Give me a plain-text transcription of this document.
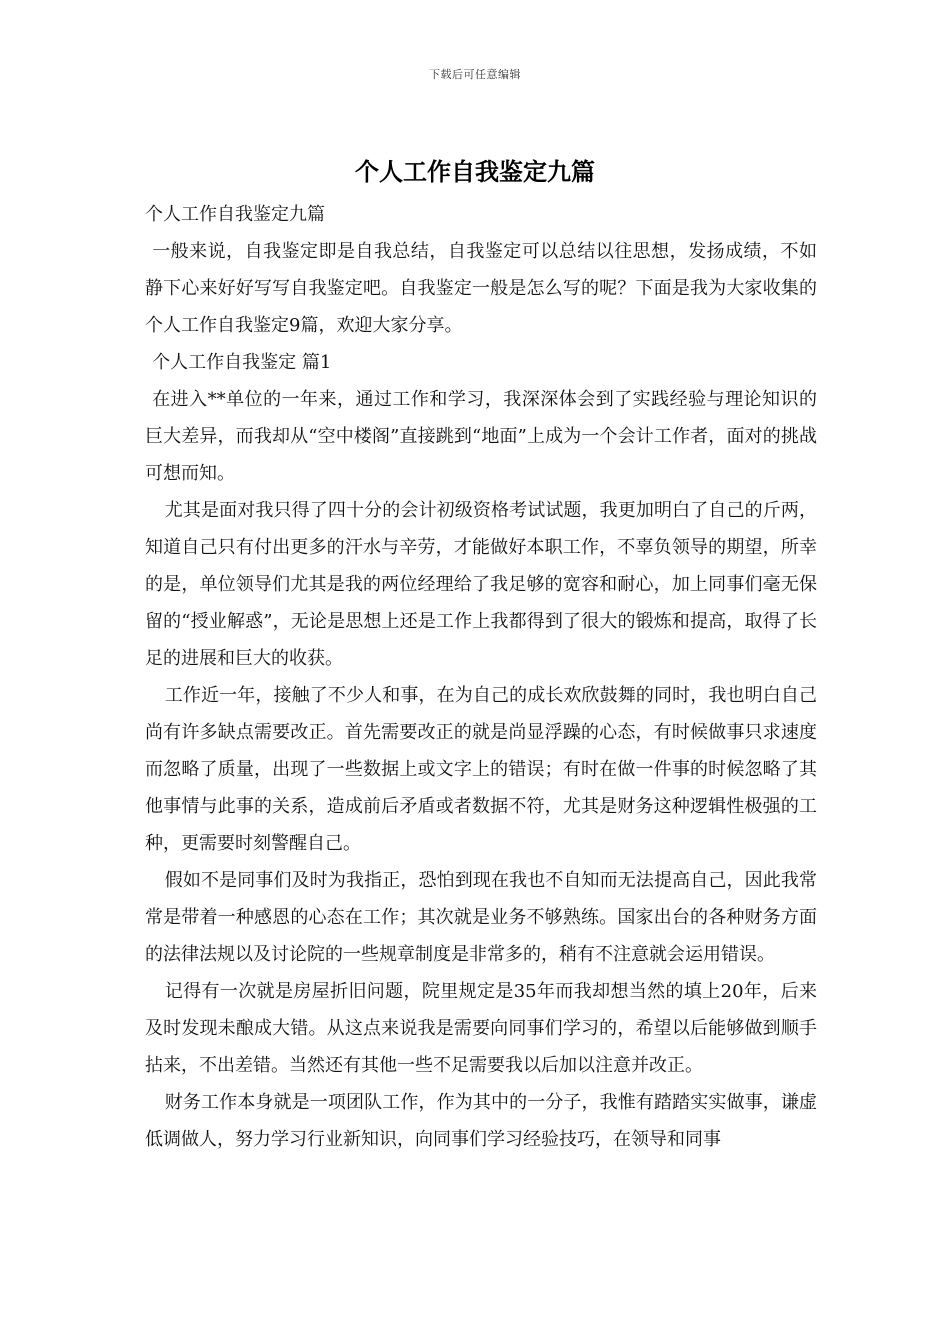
下载后可任意编辑
个人工作自我鉴定九篇

个人工作自我鉴定九篇

一般来说，自我鉴定即是自我总结，自我鉴定可以总结以往思想，发扬成绩，不如静下心来好好写写自我鉴定吧。自我鉴定一般是怎么写的呢？下面是我为大家收集的个人工作自我鉴定9篇，欢迎大家分享。

个人工作自我鉴定 篇1

在进入**单位的一年来，通过工作和学习，我深深体会到了实践经验与理论知识的巨大差异，而我却从“空中楼阁”直接跳到“地面”上成为一个会计工作者，面对的挑战可想而知。

尤其是面对我只得了四十分的会计初级资格考试试题，我更加明白了自己的斤两，知道自己只有付出更多的汗水与辛劳，才能做好本职工作，不辜负领导的期望，所幸的是，单位领导们尤其是我的两位经理给了我足够的宽容和耐心，加上同事们毫无保留的“授业解惑”，无论是思想上还是工作上我都得到了很大的锻炼和提高，取得了长足的进展和巨大的收获。

工作近一年，接触了不少人和事，在为自己的成长欢欣鼓舞的同时，我也明白自己尚有许多缺点需要改正。首先需要改正的就是尚显浮躁的心态，有时候做事只求速度而忽略了质量，出现了一些数据上或文字上的错误；有时在做一件事的时候忽略了其他事情与此事的关系，造成前后矛盾或者数据不符，尤其是财务这种逻辑性极强的工种，更需要时刻警醒自己。

假如不是同事们及时为我指正，恐怕到现在我也不自知而无法提高自己，因此我常常是带着一种感恩的心态在工作；其次就是业务不够熟练。国家出台的各种财务方面的法律法规以及讨论院的一些规章制度是非常多的，稍有不注意就会运用错误。

记得有一次就是房屋折旧问题，院里规定是35年而我却想当然的填上20年，后来及时发现未酿成大错。从这点来说我是需要向同事们学习的，希望以后能够做到顺手拈来，不出差错。当然还有其他一些不足需要我以后加以注意并改正。

财务工作本身就是一项团队工作，作为其中的一分子，我惟有踏踏实实做事，谦虚低调做人，努力学习行业新知识，向同事们学习经验技巧，在领导和同事
